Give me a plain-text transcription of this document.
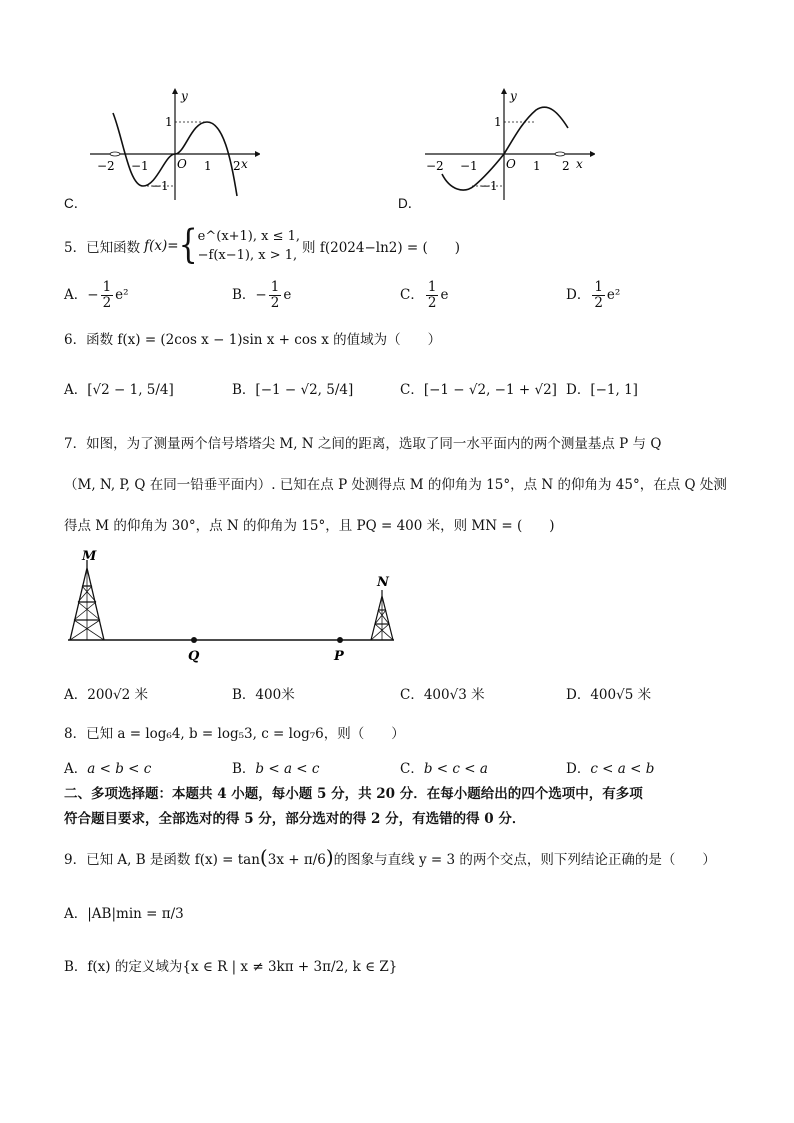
C．
y
x
O
−2 −1	1 2
1
−1
D．
y
x
O
−2 −1	1 2
1
−1
5．已知函数 f(x)= { e^(x+1), x ≤ 1,
−f(x−1), x > 1, 则 f(2024−ln2) = (　　)
A．− $\frac{1}{2} e^2$	B．− $\frac{1}{2}$ e	C． $\frac{1}{2}$ e	D． $\frac{1}{2} e^2$
6．函数 f(x) = (2cos x − 1)sin x + cos x 的值域为（　　）
A．[√2 − 1, 5/4]	B．[−1 − √2, 5/4]	C．[−1 − √2, −1 + √2] D．[−1, 1]
7．如图，为了测量两个信号塔塔尖 M, N 之间的距离，选取了同一水平面内的两个测量基点 P 与 Q
（M, N, P, Q 在同一铅垂平面内）. 已知在点 P 处测得点 M 的仰角为 15°，点 N 的仰角为 45°，在点 Q 处测
得点 M 的仰角为 30°，点 N 的仰角为 15°，且 PQ = 400 米，则 MN = (　　)
M
N
Q	P
A．200√2 米	B．400米	C．400√3 米	D．400√5 米
8．已知 a = log₆4, b = log₅3, c = log₇6，则（　　）
A．a < b < c	B．b < a < c	C．b < c < a	D．c < a < b
二、多项选择题：本题共 4 小题，每小题 5 分，共 20 分．在每小题给出的四个选项中，有多项
符合题目要求，全部选对的得 5 分，部分选对的得 2 分，有选错的得 0 分．
9．已知 A, B 是函数 f(x) = tan(3x + π/6)的图象与直线 y = 3 的两个交点，则下列结论正确的是（　　）
A．|AB|min = π/3
B．f(x) 的定义域为{x ∈ R | x ≠ 3kπ + 3π/2, k ∈ Z}
